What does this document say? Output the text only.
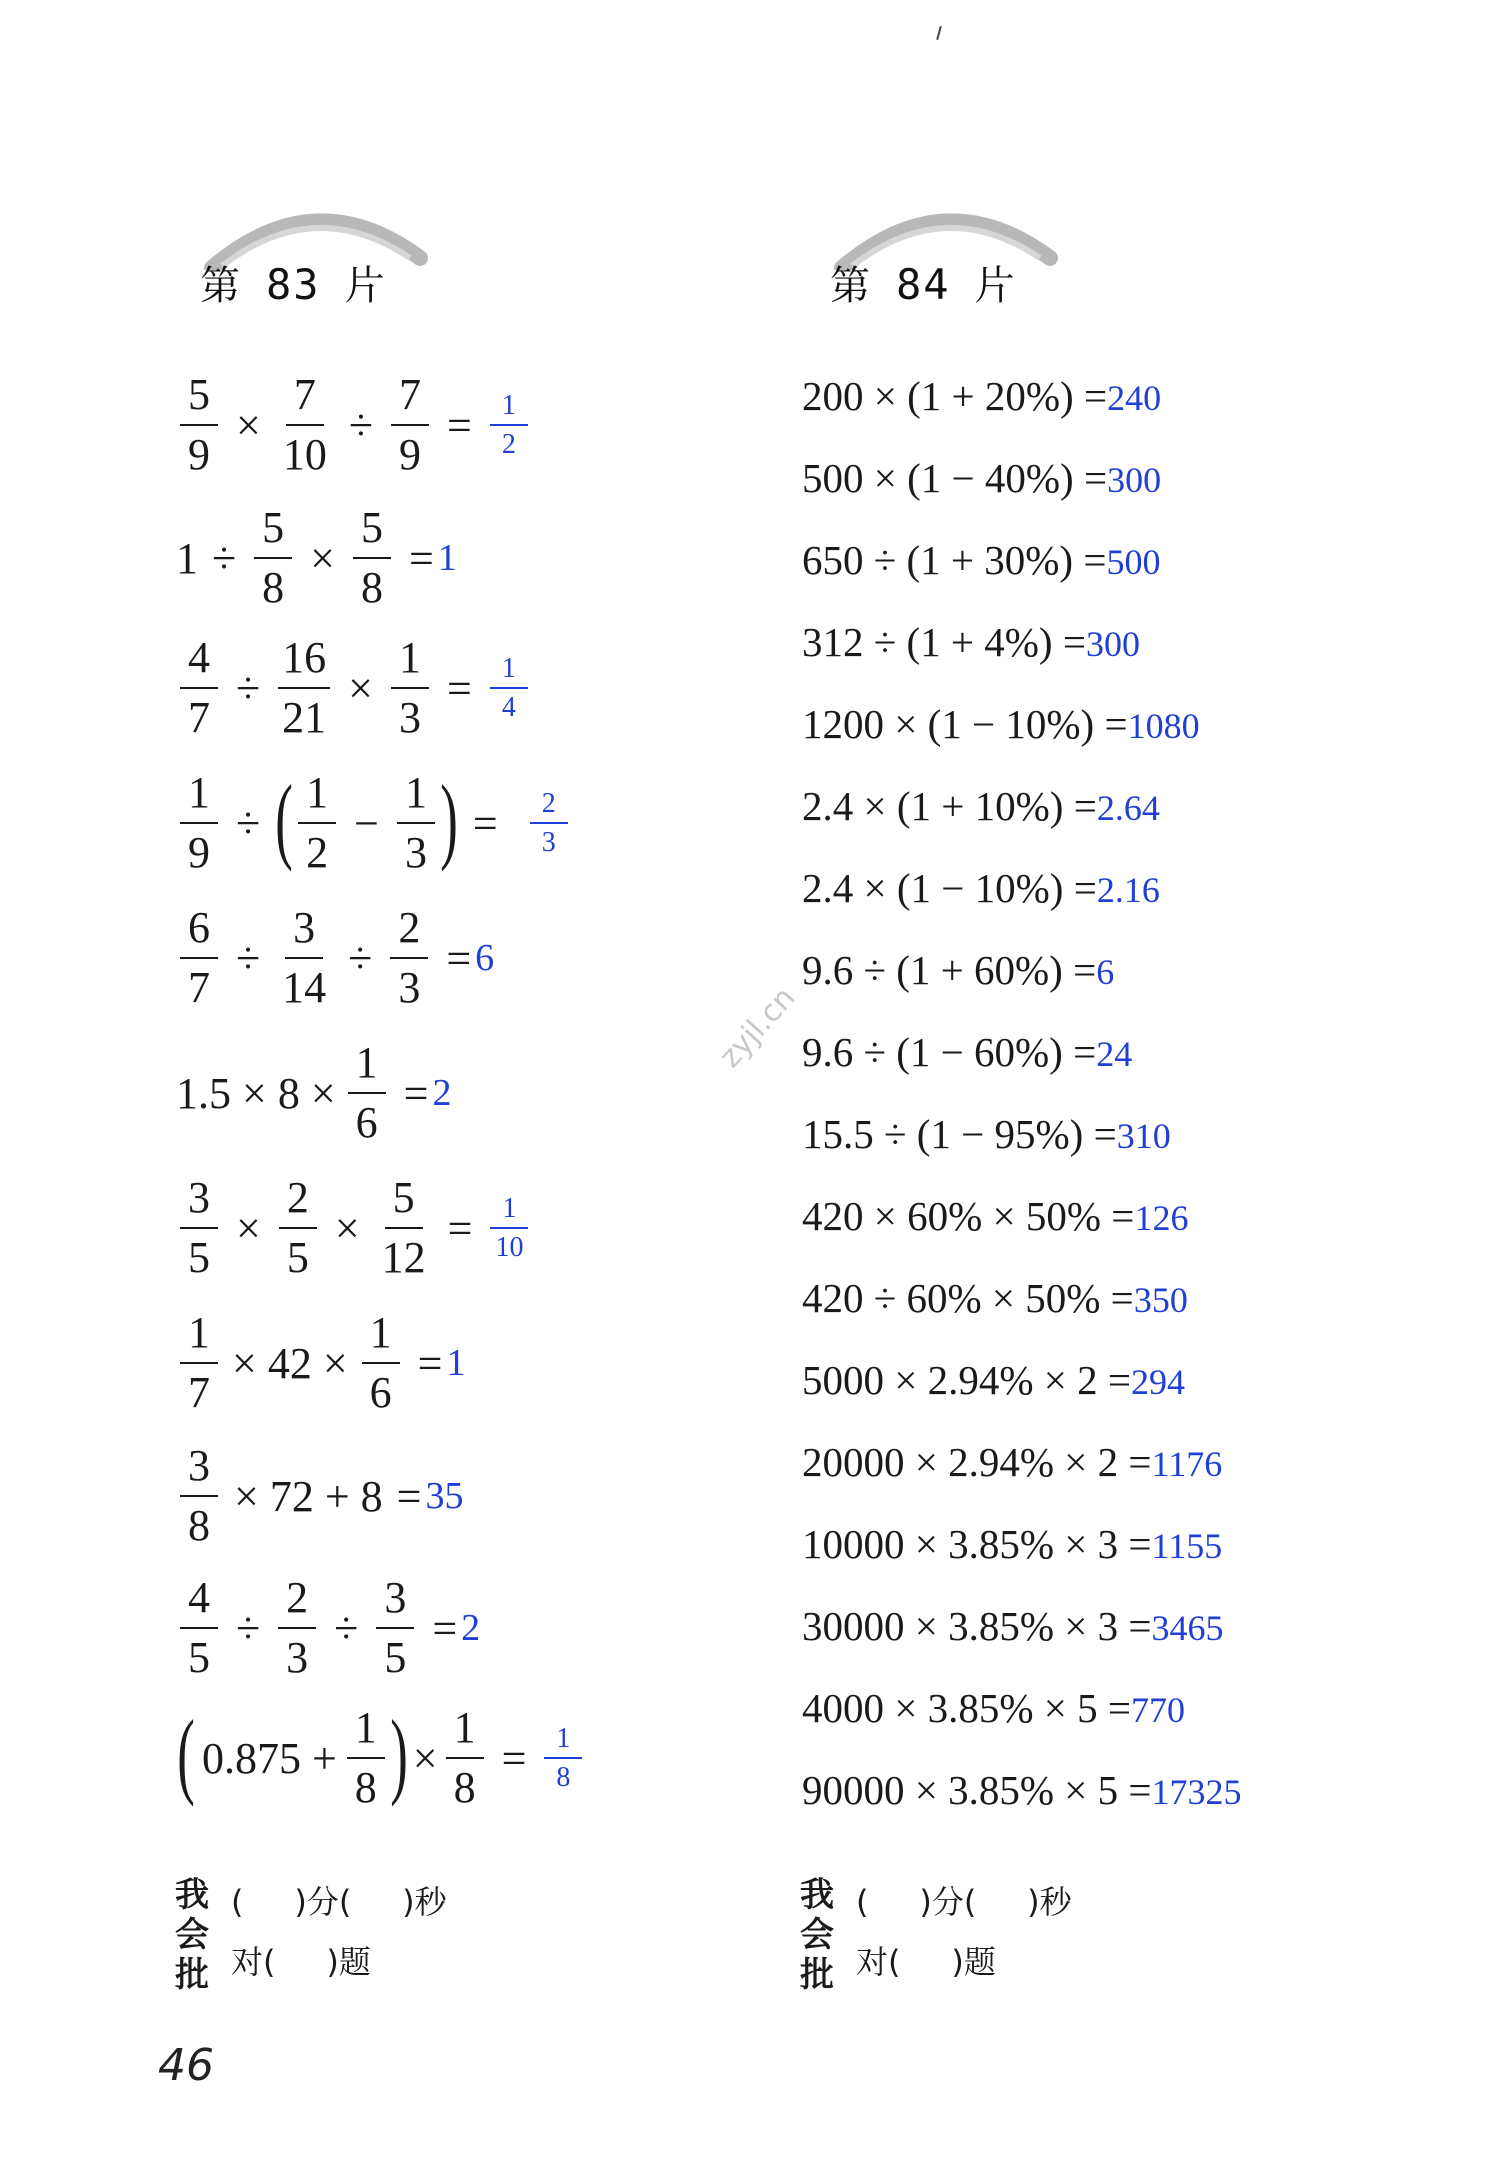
第 83 片	第 84 片
$\frac{5}{9} \times \frac{7}{10} \div \frac{7}{9} = \frac{1}{2}$
$1 \div \frac{5}{8} \times \frac{5}{8} = 1$
$\frac{4}{7} \div \frac{16}{21} \times \frac{1}{3} = \frac{1}{4}$
$\frac{1}{9}$ ÷ ( $\frac{1}{2} - \frac{1}{3}$ ) = $\frac{2}{3}$
$\frac{6}{7} \div \frac{3}{14} \div \frac{2}{3} = 6$
$1.5 \times 8 \times \frac{1}{6} = 2$
$\frac{3}{5} \times \frac{2}{5} \times \frac{5}{12} = \frac{1}{10}$
$\frac{1}{7} \times 42 \times \frac{1}{6} = 1$
$\frac{3}{8} \times 72 + 8 = 35$
$\frac{4}{5} \div \frac{2}{3} \div \frac{3}{5} = 2$
( $0.875 + \frac{1}{8}$ ) × $\frac{1}{8} = \frac{1}{8}$
200 × (1 + 20%) =240
500 × (1 − 40%) =300
650 ÷ (1 + 30%) =500
312 ÷ (1 + 4%) =300
1200 × (1 − 10%) =1080
2.4 × (1 + 10%) =2.64
2.4 × (1 − 10%) =2.16
9.6 ÷ (1 + 60%) =6
9.6 ÷ (1 − 60%) =24
15.5 ÷ (1 − 95%) =310
420 × 60% × 50% =126
420 ÷ 60% × 50% =350
5000 × 2.94% × 2 =294
20000 × 2.94% × 2 =1176
10000 × 3.85% × 3 =1155
30000 × 3.85% × 3 =3465
4000 × 3.85% × 5 =770
90000 × 3.85% × 5 =17325
我
会
批
(     )分(     )秒
对(     )题
我
会
批
(     )分(     )秒
对(     )题
46
zyjl.cn
